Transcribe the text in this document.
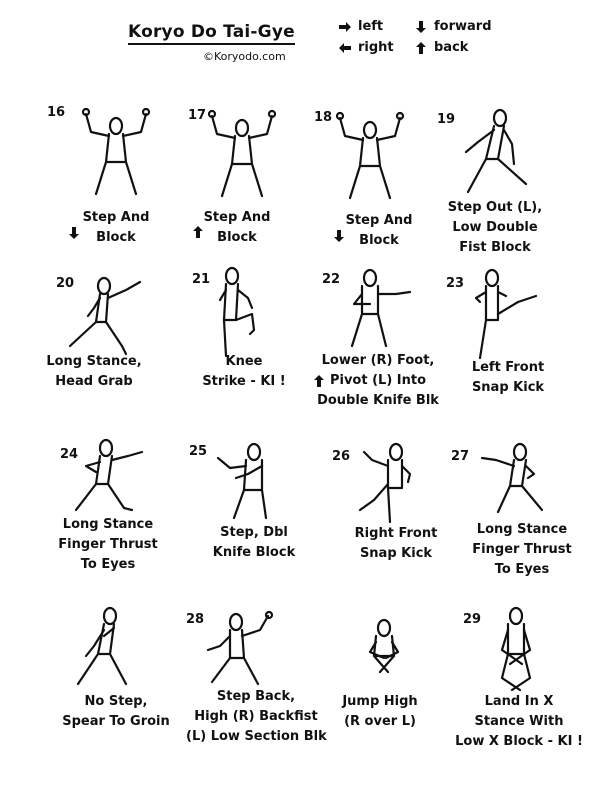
Koryo Do Tai-Gye
©Koryodo.com
left
right
forward
back
16
Step And
Block
17
Step And
Block
18
Step And
Block
19
Step Out (L),
Low Double
Fist Block
20
Long Stance,
Head Grab
21
Knee
Strike - KI !
22
Lower (R) Foot,
Pivot (L) Into
Double Knife Blk
23
Left Front
Snap Kick
24
Long Stance
Finger Thrust
To Eyes
25
Step, Dbl
Knife Block
26
Right Front
Snap Kick
27
Long Stance
Finger Thrust
To Eyes
No Step,
Spear To Groin
28
Step Back,
High (R) Backfist
(L) Low Section Blk
Jump High
(R over L)
29
Land In X
Stance With
Low X Block - KI !
